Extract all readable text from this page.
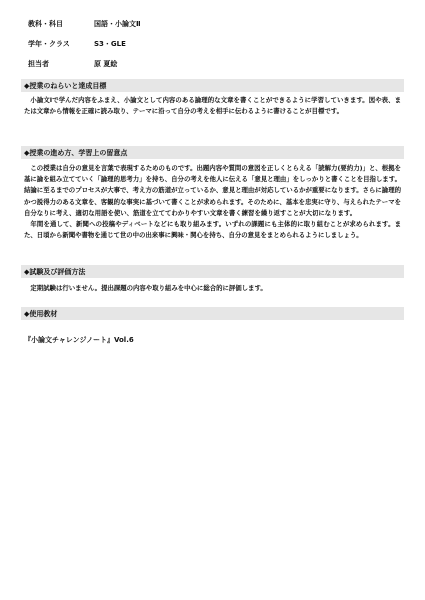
教科・科目	国語・小論文Ⅱ
学年・クラス	S3・GLE
担当者	原 夏絵
◆授業のねらいと達成目標

小論文Ⅰで学んだ内容をふまえ、小論文として内容のある論理的な文章を書くことができるように学習していきます。図や表、または文章から情報を正確に読み取り、テーマに沿って自分の考えを相手に伝わるように書けることが目標です。

◆授業の進め方、学習上の留意点

この授業は自分の意見を言葉で表現するためのものです。出題内容や質問の意図を正しくとらえる「読解力(要約力)」と、根拠を基に論を組み立てていく「論理的思考力」を持ち、自分の考えを他人に伝える「意見と理由」をしっかりと書くことを目指します。結論に至るまでのプロセスが大事で、考え方の筋道が立っているか、意見と理由が対応しているかが重要になります。さらに論理的かつ説得力のある文章を、客観的な事実に基づいて書くことが求められます。そのために、基本を忠実に守り、与えられたテーマを自分なりに考え、適切な用語を使い、筋道を立ててわかりやすい文章を書く練習を繰り返すことが大切になります。

年間を通して、新聞への投稿やディベートなどにも取り組みます。いずれの課題にも主体的に取り組むことが求められます。また、日頃から新聞や書物を通じて世の中の出来事に興味・関心を持ち、自分の意見をまとめられるようにしましょう。

◆試験及び評価方法

定期試験は行いません。提出課題の内容や取り組みを中心に総合的に評価します。

◆使用教材
『小論文チャレンジノート』Vol.6
